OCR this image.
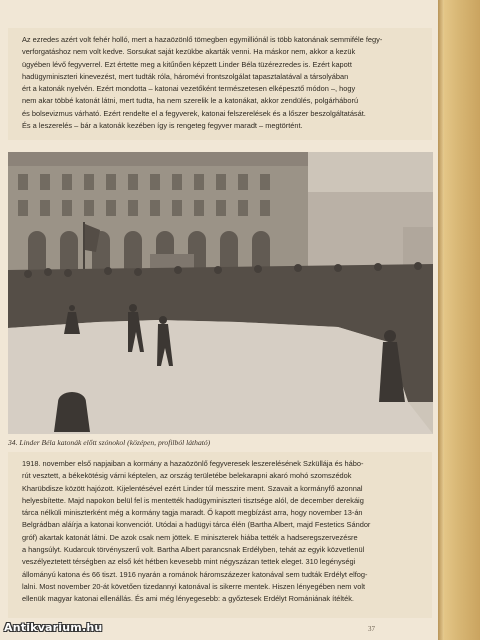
Az ezredes azért volt fehér holló, mert a hazaözönlő tömegben egymilliónál is több katonának semmiféle fegy-

verforgatáshoz nem volt kedve. Sorsukat saját kezükbe akarták venni. Ha máskor nem, akkor a kezük

ügyében lévő fegyverrel. Ezt értette meg a kitűnően képzett Linder Béla tüzérezredes is. Ezért kapott

hadügyminiszteri kinevezést, mert tudták róla, háromévi frontszolgálat tapasztalatával a társolyában

ért a katonák nyelvén. Ezért mondotta – katonai vezetőként természetesen elképesztő módon –, hogy

nem akar többé katonát látni, mert tudta, ha nem szerelik le a katonákat, akkor zendülés, polgárháború

és bolsevizmus várható. Ezért rendelte el a fegyverek, katonai felszerelések és a lőszer beszolgáltatását.

És a leszerelés – bár a katonák kezében így is rengeteg fegyver maradt – megtörtént.

34. Linder Béla katonák előtt szónokol (középen, profilból látható)

1918. november első napjaiban a kormány a hazaözönlő fegyveresek leszerelésének Szküllája és hábo-

rút vesztett, a békekötésig várni képtelen, az ország területébe belekarapni akaró mohó szomszédok

Kharübdisze között hajózott. Kijelentésével ezért Linder túl messzire ment. Szavait a kormányfő azonnal

helyesbítette. Majd napokon belül fel is mentették hadügyminiszteri tisztsége alól, de december derekáig

tárca nélküli miniszterként még a kormány tagja maradt. Ő kapott megbízást arra, hogy november 13-án

Belgrádban aláírja a katonai konvenciót. Utódai a hadügyi tárca élén (Bartha Albert, majd Festetics Sándor

gróf) akartak katonát látni. De azok csak nem jöttek. E miniszterek hiába tették a hadseregszervezésre

a hangsúlyt. Kudarcuk törvényszerű volt. Bartha Albert parancsnak Erdélyben, tehát az egyik közvetlenül

veszélyeztetett térségben az első két hétben kevesebb mint négyszázan tettek eleget. 310 legénységi

állományú katona és 66 tiszt. 1916 nyarán a románok háromszázezer katonával sem tudták Erdélyt elfog-

lalni. Most november 20-át követően tizedannyi katonával is sikerre mentek. Hiszen lényegében nem volt

ellenük magyar katonai ellenállás. És ami még lényegesebb: a győztesek Erdélyt Romániának ítélték.

37
Antikvarium.hu
